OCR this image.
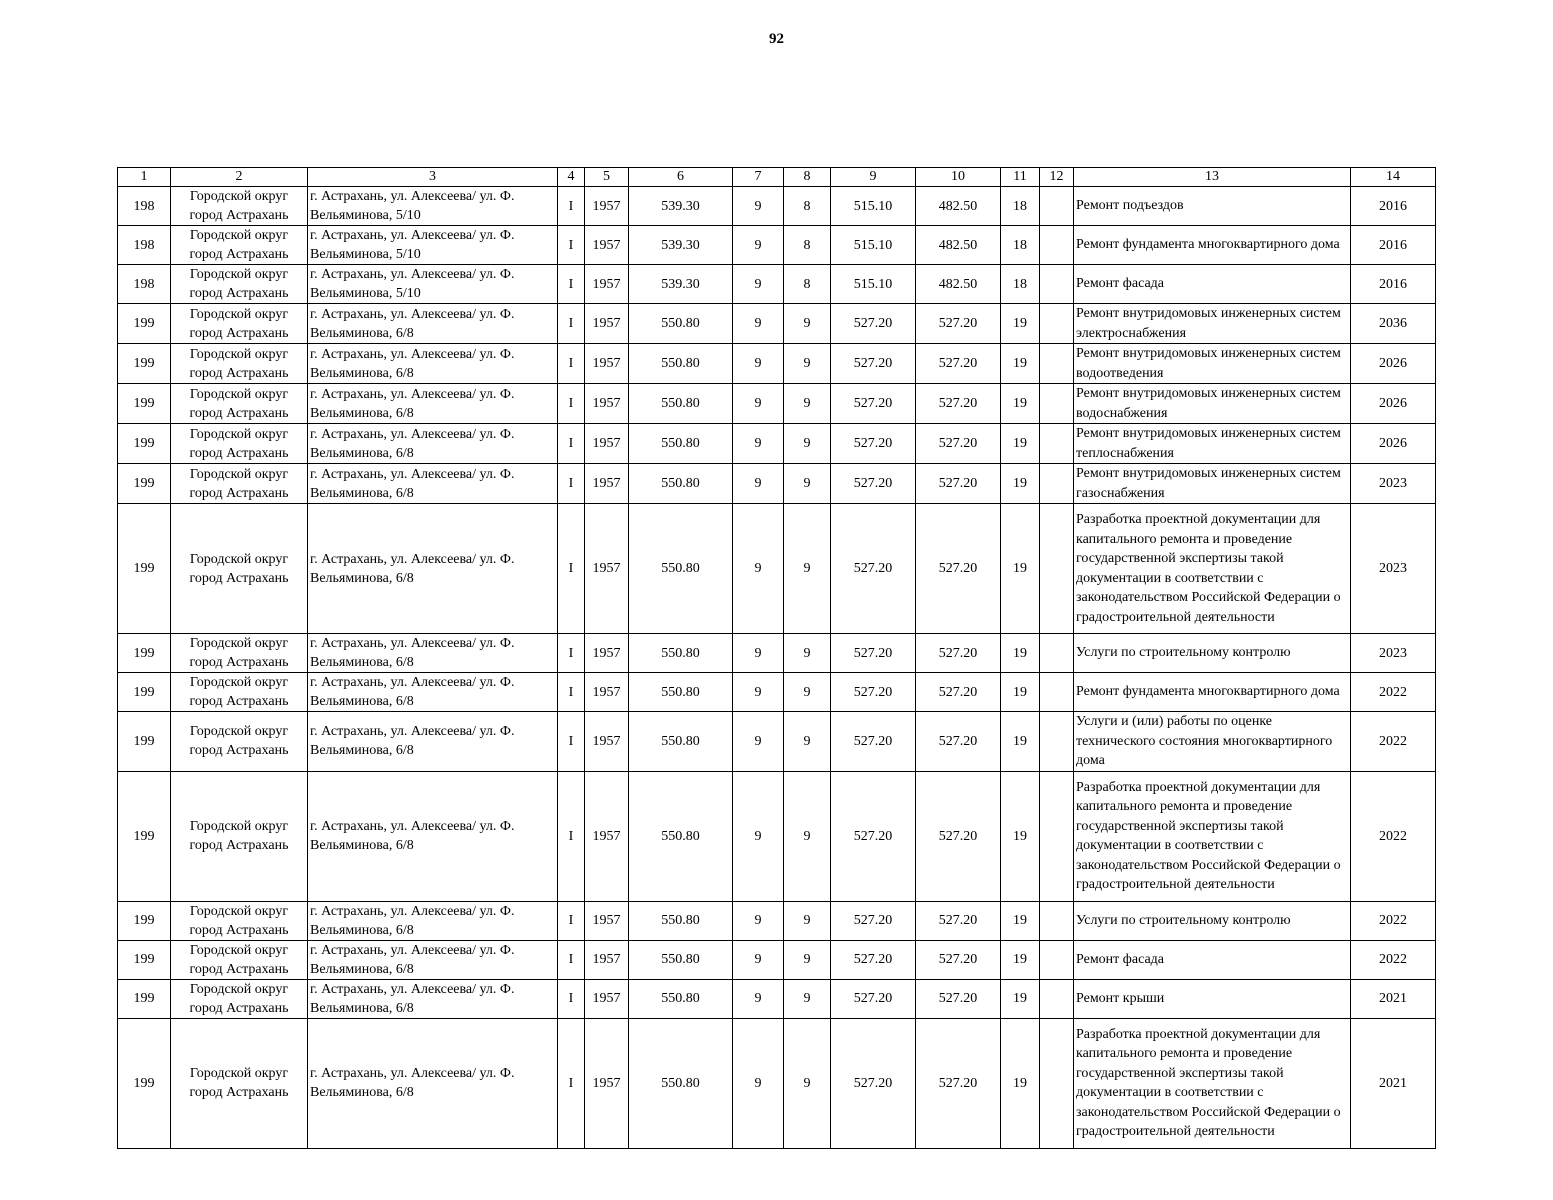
92
1	2	3	4	5	6	7	8	9	10	11	12	13	14
198	Городской округ город Астрахань	г. Астрахань, ул. Алексеева/ ул. Ф. Вельяминова, 5/10	I	1957	539.30	9	8	515.10	482.50	18		Ремонт подъездов	2016
198	Городской округ город Астрахань	г. Астрахань, ул. Алексеева/ ул. Ф. Вельяминова, 5/10	I	1957	539.30	9	8	515.10	482.50	18		Ремонт фундамента многоквартирного дома	2016
198	Городской округ город Астрахань	г. Астрахань, ул. Алексеева/ ул. Ф. Вельяминова, 5/10	I	1957	539.30	9	8	515.10	482.50	18		Ремонт фасада	2016
199	Городской округ город Астрахань	г. Астрахань, ул. Алексеева/ ул. Ф. Вельяминова, 6/8	I	1957	550.80	9	9	527.20	527.20	19		Ремонт внутридомовых инженерных систем электроснабжения	2036
199	Городской округ город Астрахань	г. Астрахань, ул. Алексеева/ ул. Ф. Вельяминова, 6/8	I	1957	550.80	9	9	527.20	527.20	19		Ремонт внутридомовых инженерных систем водоотведения	2026
199	Городской округ город Астрахань	г. Астрахань, ул. Алексеева/ ул. Ф. Вельяминова, 6/8	I	1957	550.80	9	9	527.20	527.20	19		Ремонт внутридомовых инженерных систем водоснабжения	2026
199	Городской округ город Астрахань	г. Астрахань, ул. Алексеева/ ул. Ф. Вельяминова, 6/8	I	1957	550.80	9	9	527.20	527.20	19		Ремонт внутридомовых инженерных систем теплоснабжения	2026
199	Городской округ город Астрахань	г. Астрахань, ул. Алексеева/ ул. Ф. Вельяминова, 6/8	I	1957	550.80	9	9	527.20	527.20	19		Ремонт внутридомовых инженерных систем газоснабжения	2023
199	Городской округ город Астрахань	г. Астрахань, ул. Алексеева/ ул. Ф. Вельяминова, 6/8	I	1957	550.80	9	9	527.20	527.20	19		Разработка проектной документации для капитального ремонта и проведение государственной экспертизы такой документации в соответствии с законодательством Российской Федерации о градостроительной деятельности	2023
199	Городской округ город Астрахань	г. Астрахань, ул. Алексеева/ ул. Ф. Вельяминова, 6/8	I	1957	550.80	9	9	527.20	527.20	19		Услуги по строительному контролю	2023
199	Городской округ город Астрахань	г. Астрахань, ул. Алексеева/ ул. Ф. Вельяминова, 6/8	I	1957	550.80	9	9	527.20	527.20	19		Ремонт фундамента многоквартирного дома	2022
199	Городской округ город Астрахань	г. Астрахань, ул. Алексеева/ ул. Ф. Вельяминова, 6/8	I	1957	550.80	9	9	527.20	527.20	19		Услуги и (или) работы по оценке технического состояния многоквартирного дома	2022
199	Городской округ город Астрахань	г. Астрахань, ул. Алексеева/ ул. Ф. Вельяминова, 6/8	I	1957	550.80	9	9	527.20	527.20	19		Разработка проектной документации для капитального ремонта и проведение государственной экспертизы такой документации в соответствии с законодательством Российской Федерации о градостроительной деятельности	2022
199	Городской округ город Астрахань	г. Астрахань, ул. Алексеева/ ул. Ф. Вельяминова, 6/8	I	1957	550.80	9	9	527.20	527.20	19		Услуги по строительному контролю	2022
199	Городской округ город Астрахань	г. Астрахань, ул. Алексеева/ ул. Ф. Вельяминова, 6/8	I	1957	550.80	9	9	527.20	527.20	19		Ремонт фасада	2022
199	Городской округ город Астрахань	г. Астрахань, ул. Алексеева/ ул. Ф. Вельяминова, 6/8	I	1957	550.80	9	9	527.20	527.20	19		Ремонт крыши	2021
199	Городской округ город Астрахань	г. Астрахань, ул. Алексеева/ ул. Ф. Вельяминова, 6/8	I	1957	550.80	9	9	527.20	527.20	19		Разработка проектной документации для капитального ремонта и проведение государственной экспертизы такой документации в соответствии с законодательством Российской Федерации о градостроительной деятельности	2021
